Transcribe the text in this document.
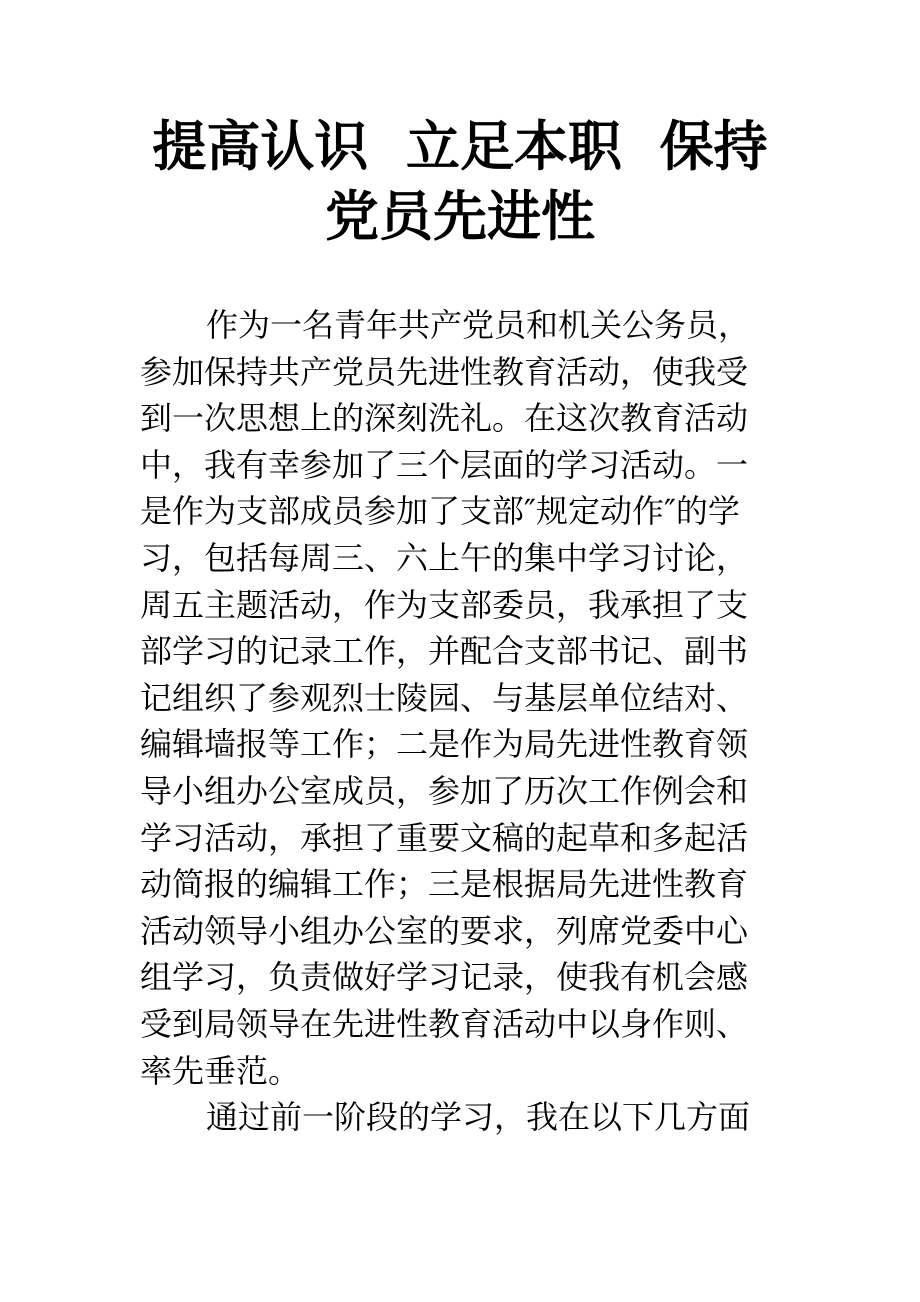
提高认识  立足本职  保持
党员先进性
作为一名青年共产党员和机关公务员，
参加保持共产党员先进性教育活动，使我受
到一次思想上的深刻洗礼。在这次教育活动
中，我有幸参加了三个层面的学习活动。一
是作为支部成员参加了支部″规定动作″的学
习，包括每周三、六上午的集中学习讨论，
周五主题活动，作为支部委员，我承担了支
部学习的记录工作，并配合支部书记、副书
记组织了参观烈士陵园、与基层单位结对、
编辑墙报等工作；二是作为局先进性教育领
导小组办公室成员，参加了历次工作例会和
学习活动，承担了重要文稿的起草和多起活
动简报的编辑工作；三是根据局先进性教育
活动领导小组办公室的要求，列席党委中心
组学习，负责做好学习记录，使我有机会感
受到局领导在先进性教育活动中以身作则、
率先垂范。
通过前一阶段的学习，我在以下几方面
